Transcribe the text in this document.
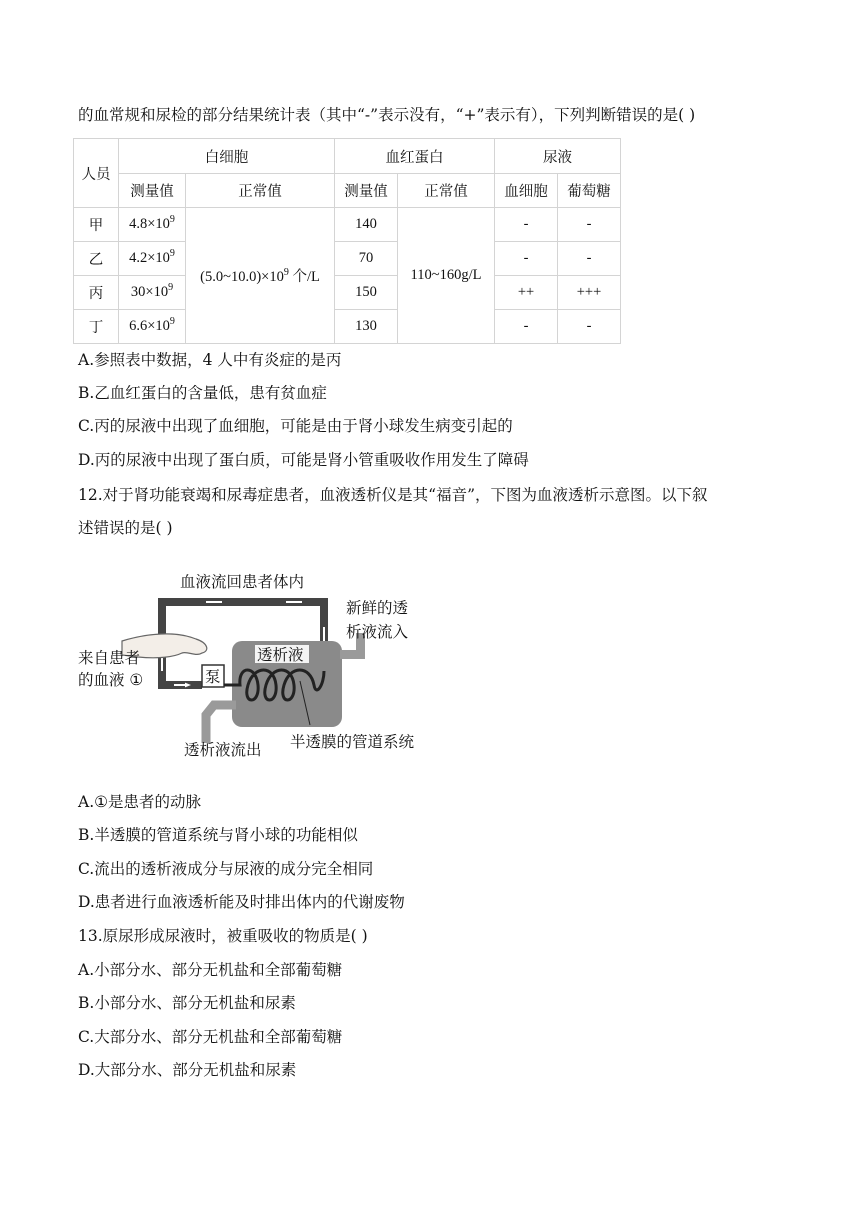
的血常规和尿检的部分结果统计表（其中“-”表示没有，“+”表示有），下列判断错误的是( )
人员	白细胞		血红蛋白		尿液	
	测量值	正常值	测量值	正常值	血细胞	葡萄糖
甲	$4.8\times 10^9$	$(5.0\sim 10.0)\times 10^9$ 个/L	140	110~160g/L	-	-
乙	$4.2\times 10^9$		70		-	-
丙	$30\times 10^9$		150		++	+++
丁	$6.6\times 10^9$		130		-	-
A.参照表中数据，4 人中有炎症的是丙
B.乙血红蛋白的含量低，患有贫血症
C.丙的尿液中出现了血细胞，可能是由于肾小球发生病变引起的
D.丙的尿液中出现了蛋白质，可能是肾小管重吸收作用发生了障碍
12.对于肾功能衰竭和尿毒症患者，血液透析仪是其“福音”，下图为血液透析示意图。以下叙
述错误的是( )
泵
透析液
血液流回患者体内
新鲜的透
析液流入
来自患者
的血液 ①
透析液流出 半透膜的管道系统
A.①是患者的动脉
B.半透膜的管道系统与肾小球的功能相似
C.流出的透析液成分与尿液的成分完全相同
D.患者进行血液透析能及时排出体内的代谢废物
13.原尿形成尿液时，被重吸收的物质是( )
A.小部分水、部分无机盐和全部葡萄糖
B.小部分水、部分无机盐和尿素
C.大部分水、部分无机盐和全部葡萄糖
D.大部分水、部分无机盐和尿素
